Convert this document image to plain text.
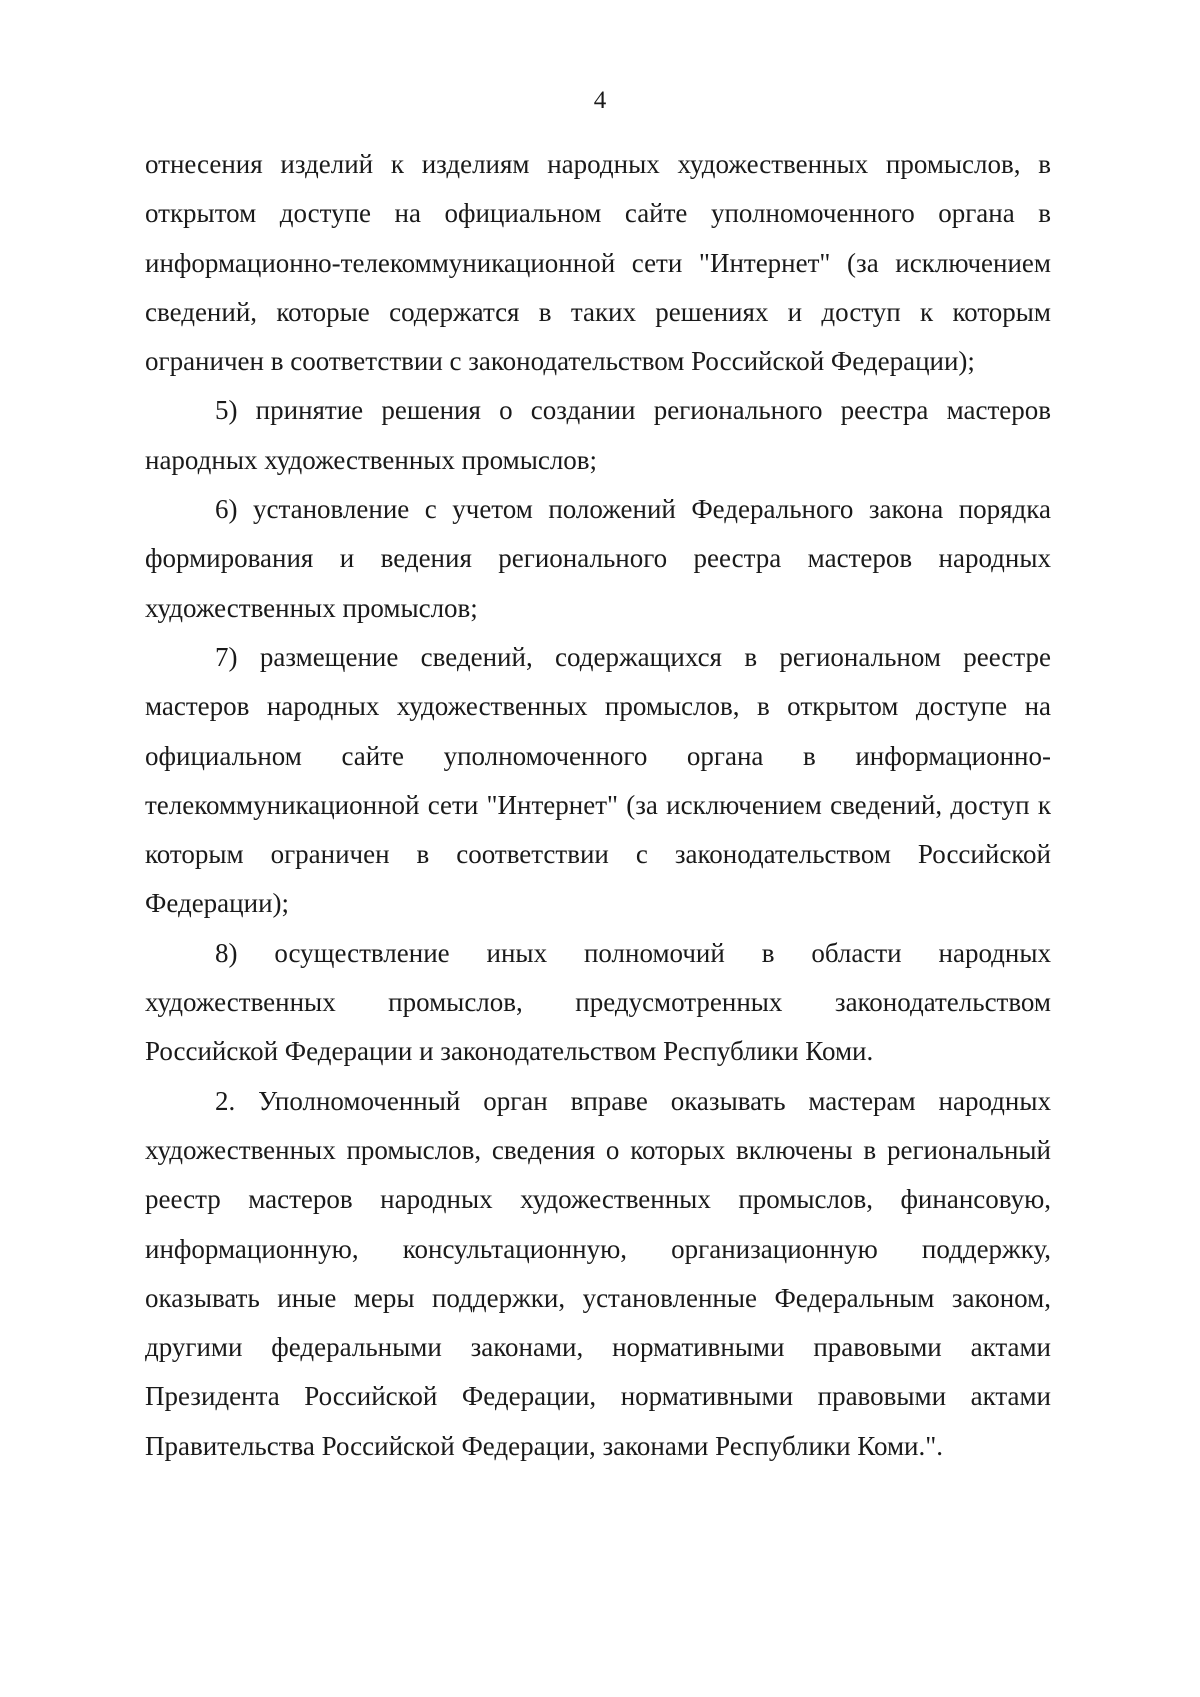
4

отнесения изделий к изделиям народных художественных промыслов, в открытом доступе на официальном сайте уполномоченного органа в информационно-телекоммуникационной сети "Интернет" (за исключением сведений, которые содержатся в таких решениях и доступ к которым ограничен в соответствии с законодательством Российской Федерации);

5) принятие решения о создании регионального реестра мастеров народных художественных промыслов;

6) установление с учетом положений Федерального закона порядка формирования и ведения регионального реестра мастеров народных художественных промыслов;

7) размещение сведений, содержащихся в региональном реестре мастеров народных художественных промыслов, в открытом доступе на официальном сайте уполномоченного органа в информационно-телекоммуникационной сети "Интернет" (за исключением сведений, доступ к которым ограничен в соответствии с законодательством Российской Федерации);

8) осуществление иных полномочий в области народных художественных промыслов, предусмотренных законодательством Российской Федерации и законодательством Республики Коми.

2. Уполномоченный орган вправе оказывать мастерам народных художественных промыслов, сведения о которых включены в региональный реестр мастеров народных художественных промыслов, финансовую, информационную, консультационную, организационную поддержку, оказывать иные меры поддержки, установленные Федеральным законом, другими федеральными законами, нормативными правовыми актами Президента Российской Федерации, нормативными правовыми актами Правительства Российской Федерации, законами Республики Коми.".
